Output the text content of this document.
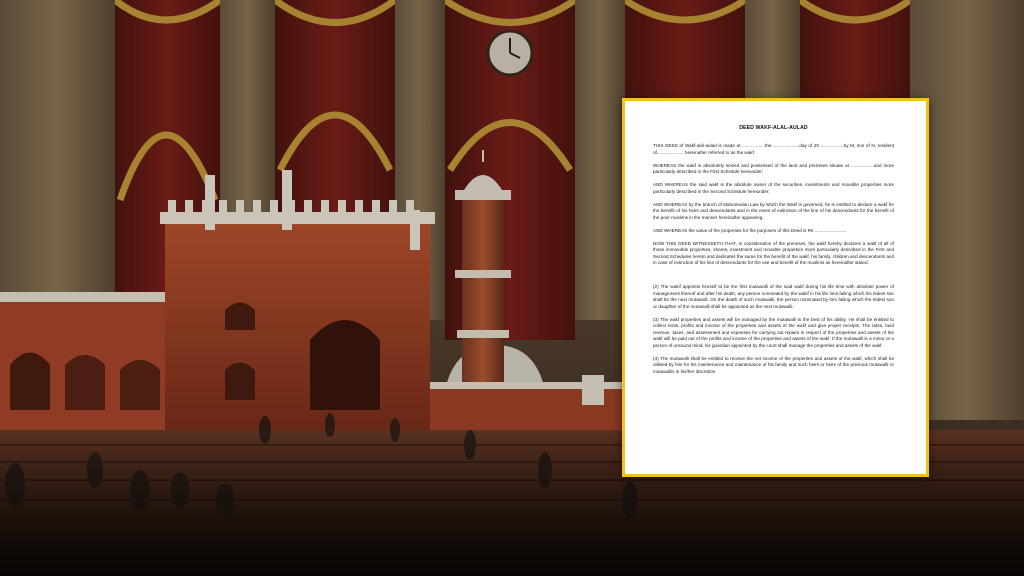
DEED WAKF-ALAL-AULAD

THIS DEED of Wakf-alal-aulad is made at ..................the......................day of 20 ..................by M, son of N, resident of..................... hereinafter referred to as the wakf.

WHEREAS the wakf is absolutely seized and possessed of the land and premises situate at ..................and more particularly described in the First Schedule hereunder;

AND WHEREAS the said wakf is the absolute owner of the securities, investments and movable properties more particularly described in the Second Schedule hereunder;

AND WHEREAS by the branch of Mahomedan Law by which the Wakf is governed, he is entitled to declare a wakf for the benefit of his heirs and descendants and in the event of extinction of the line of his descendants for the benefit of the poor muslims in the manner hereinafter appearing;

AND WHEREAS the value of the properties for the purposes of this Deed is Rs .........................

NOW THIS DEED WITNESSETH THAT, in consideration of the premises, the wakf hereby declares a wakf of all of those immovable properties, shares, investment and movable properties more particularly described in the First and Second Schedules hereto and dedicates the same for the benefit of the wakf, his family, children and descendants and in case of extinction of his line of descendants for the use and benefit of the muslims as hereinafter stated.

(2) The wakif appoints himself to be the first mutawalli of the said wakf during his life time with absolute power of management thereof and after his death, any person nominated by the wakif in his life time,failing which his eldest son shall be the next mutawalli. On the death of such mutawalli, the person nominated by him failing which the eldest son or daughter of the mutawalli shall be appointed as the next mutawalli.

(3) The wakf properties and assets will be managed by the mutawalli to the best of his ability. He shall be entitled to collect rents, profits and income of the properties and assets of the wakf and give proper receipts. The rates, land revenue, taxes, and assessment and expenses for carrying out repairs in respect of the properties and assets of the wakf will be paid out of the profits and income of the properties and assets of the wakf. If the mutawalli is a minor or a person of unsound mind, his guardian appointed by the court shall manage the properties and assets of the wakf.

(4) The mutawalli shall be entitled to receive the net income of the properties and assets of the wakf, which shall be utilised by him for his maintenance and maintenance of his family and such heirs or heirs of the previous mutawalli or mutawallis in his/her discretion
